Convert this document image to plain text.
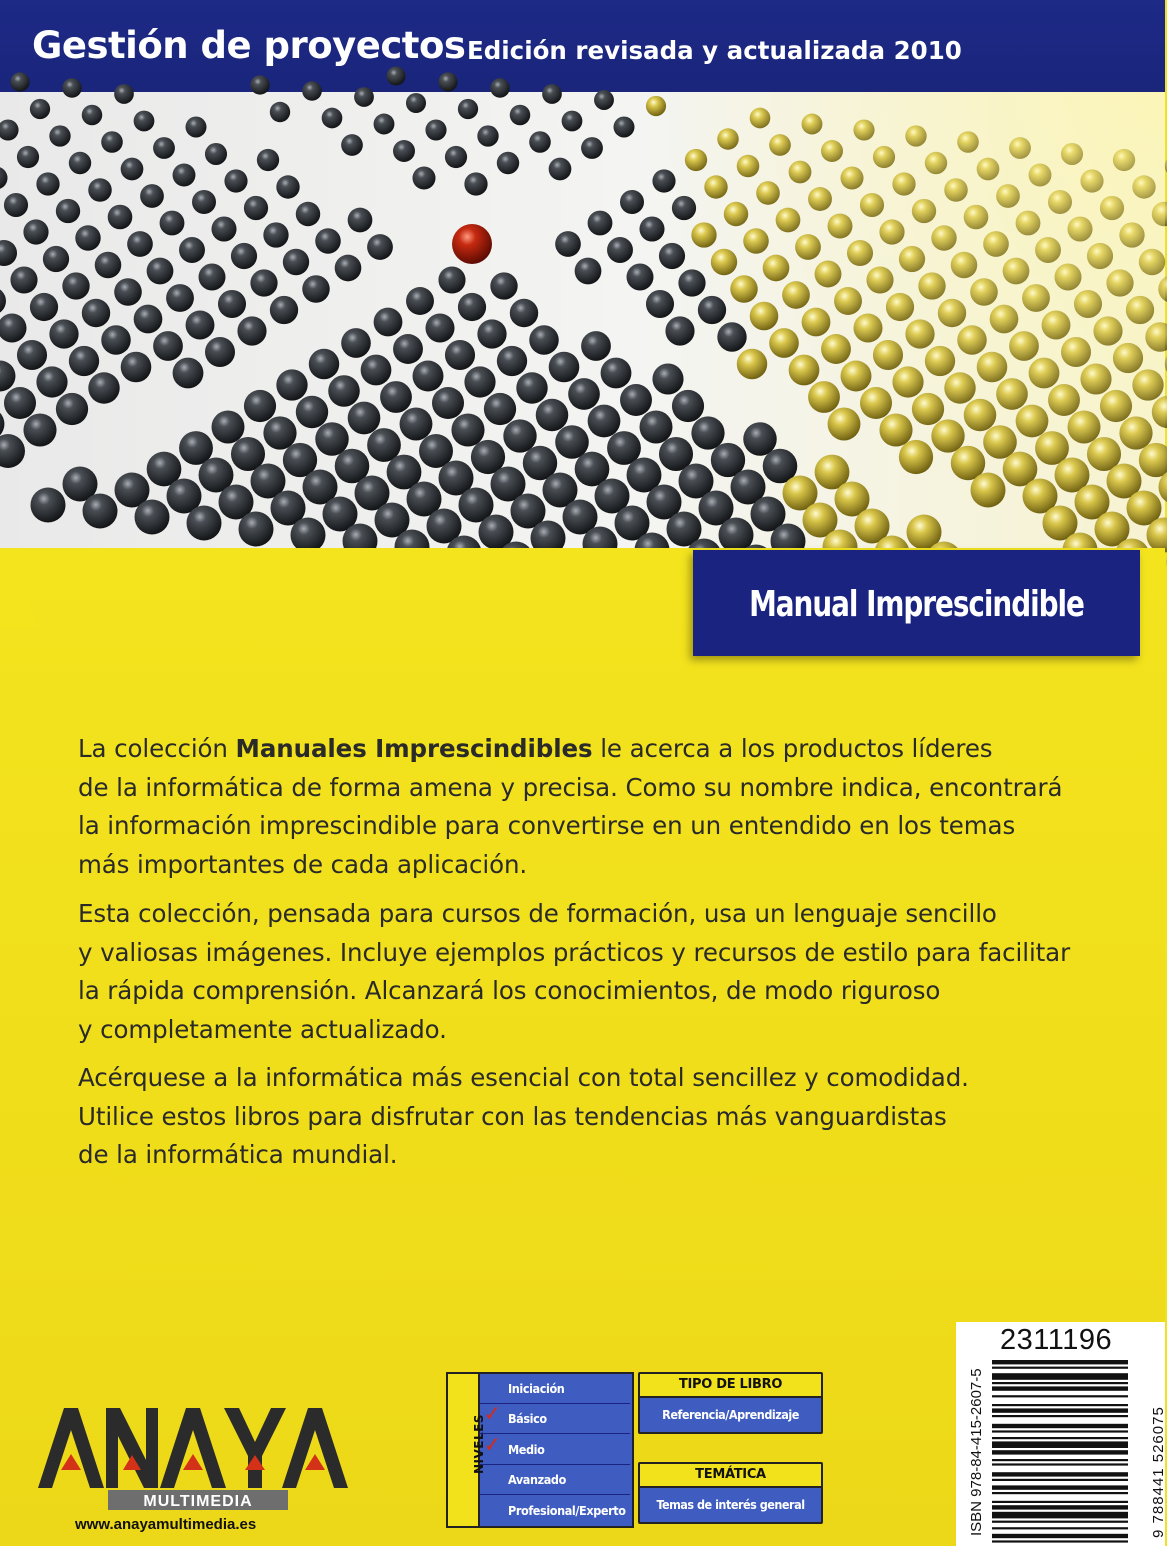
Gestión de proyectos Edición revisada y actualizada 2010
Manual Imprescindible
La colección Manuales Imprescindibles le acerca a los productos líderes
de la informática de forma amena y precisa. Como su nombre indica, encontrará
la información imprescindible para convertirse en un entendido en los temas
más importantes de cada aplicación.
Esta colección, pensada para cursos de formación, usa un lenguaje sencillo
y valiosas imágenes. Incluye ejemplos prácticos y recursos de estilo para facilitar
la rápida comprensión. Alcanzará los conocimientos, de modo riguroso
y completamente actualizado.
Acérquese a la informática más esencial con total sencillez y comodidad.
Utilice estos libros para disfrutar con las tendencias más vanguardistas
de la informática mundial.
MULTIMEDIA
ANAYA
www.anayamultimedia.es
NIVELES
Iniciación
✓ Básico
✓ Medio
Avanzado
Profesional/Experto
TIPO DE LIBRO
Referencia/Aprendizaje
TEMÁTICA
Temas de interés general
2311196
ISBN 978-84-415-2607-5	9 788441 526075
